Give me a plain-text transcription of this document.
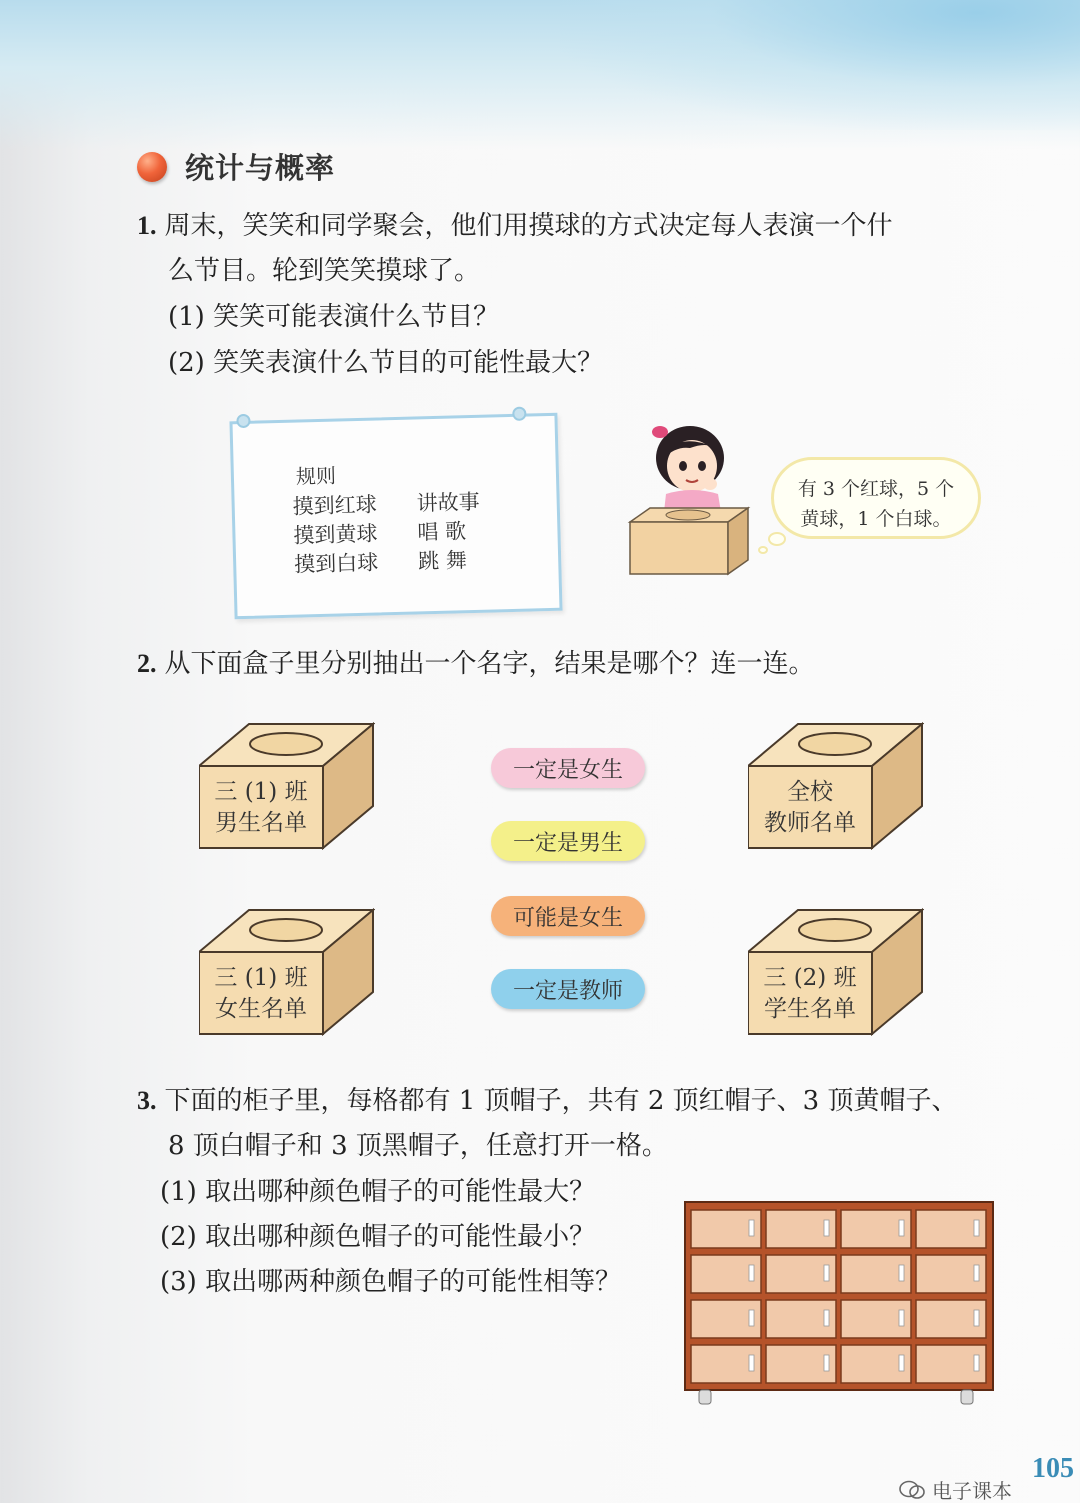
统计与概率
1. 周末，笑笑和同学聚会，他们用摸球的方式决定每人表演一个什
么节目。轮到笑笑摸球了。
(1) 笑笑可能表演什么节目？
(2) 笑笑表演什么节目的可能性最大？
规则
摸到红球	讲故事
摸到黄球	唱 歌
摸到白球	跳 舞
有 3 个红球，5 个
黄球，1 个白球。
2. 从下面盒子里分别抽出一个名字，结果是哪个？连一连。
三 (1) 班
男生名单
三 (1) 班
女生名单
全校
教师名单
三 (2) 班
学生名单
一定是女生
一定是男生
可能是女生
一定是教师
3. 下面的柜子里，每格都有 1 顶帽子，共有 2 顶红帽子、3 顶黄帽子、
8 顶白帽子和 3 顶黑帽子，任意打开一格。
(1) 取出哪种颜色帽子的可能性最大？
(2) 取出哪种颜色帽子的可能性最小？
(3) 取出哪两种颜色帽子的可能性相等？
105
电子课本
